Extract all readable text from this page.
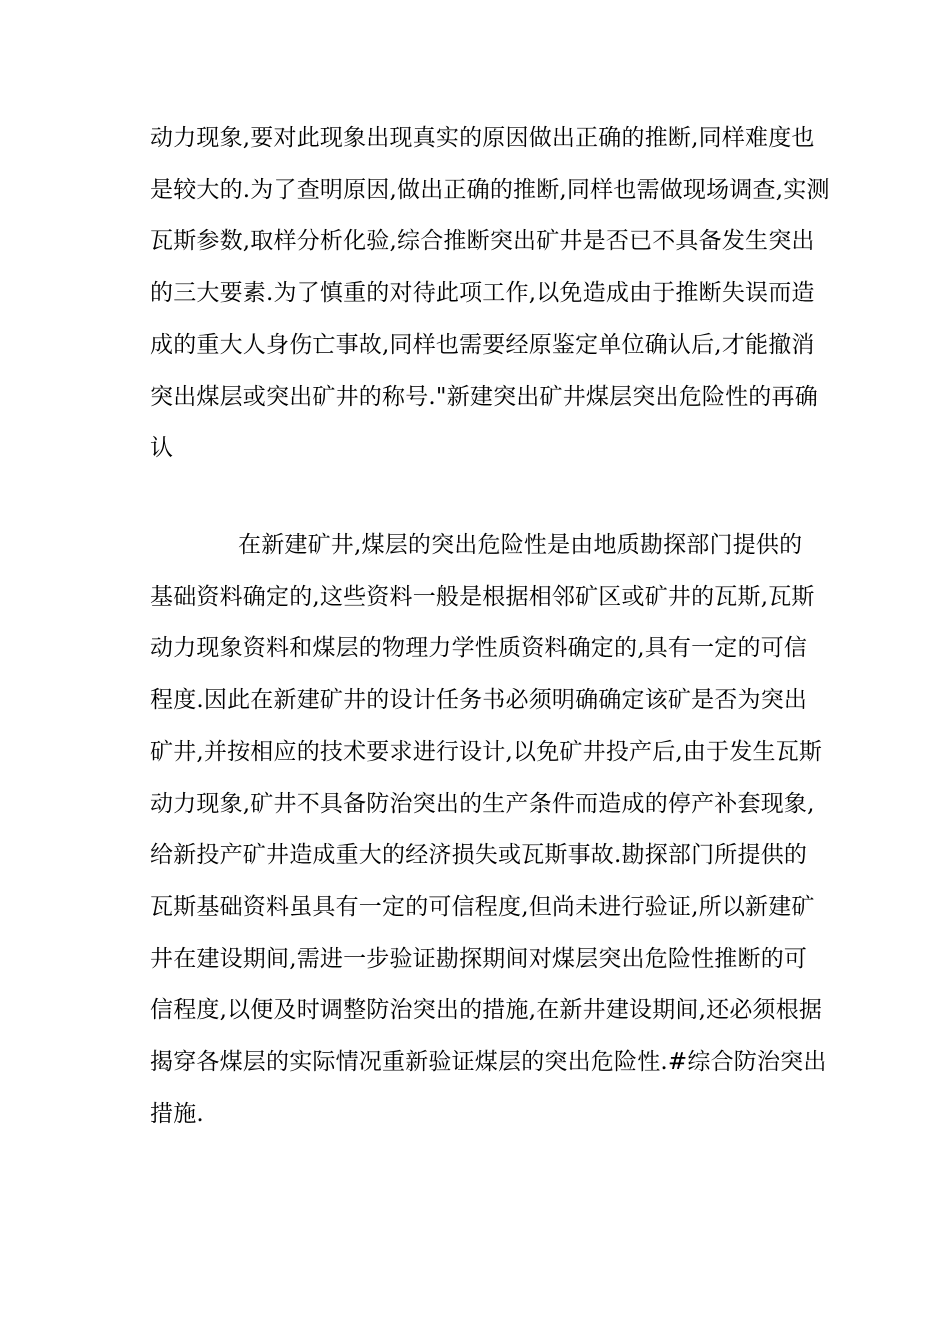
动力现象,要对此现象出现真实的原因做出正确的推断,同样难度也
是较大的.为了查明原因,做出正确的推断,同样也需做现场调查,实测
瓦斯参数,取样分析化验,综合推断突出矿井是否已不具备发生突出
的三大要素.为了慎重的对待此项工作,以免造成由于推断失误而造
成的重大人身伤亡事故,同样也需要经原鉴定单位确认后,才能撤消
突出煤层或突出矿井的称号."新建突出矿井煤层突出危险性的再确
认

在新建矿井,煤层的突出危险性是由地质勘探部门提供的
基础资料确定的,这些资料一般是根据相邻矿区或矿井的瓦斯,瓦斯
动力现象资料和煤层的物理力学性质资料确定的,具有一定的可信
程度.因此在新建矿井的设计任务书必须明确确定该矿是否为突出
矿井,并按相应的技术要求进行设计,以免矿井投产后,由于发生瓦斯
动力现象,矿井不具备防治突出的生产条件而造成的停产补套现象,
给新投产矿井造成重大的经济损失或瓦斯事故.勘探部门所提供的
瓦斯基础资料虽具有一定的可信程度,但尚未进行验证,所以新建矿
井在建设期间,需进一步验证勘探期间对煤层突出危险性推断的可
信程度,以便及时调整防治突出的措施,在新井建设期间,还必须根据
揭穿各煤层的实际情况重新验证煤层的突出危险性.#综合防治突出
措施.
